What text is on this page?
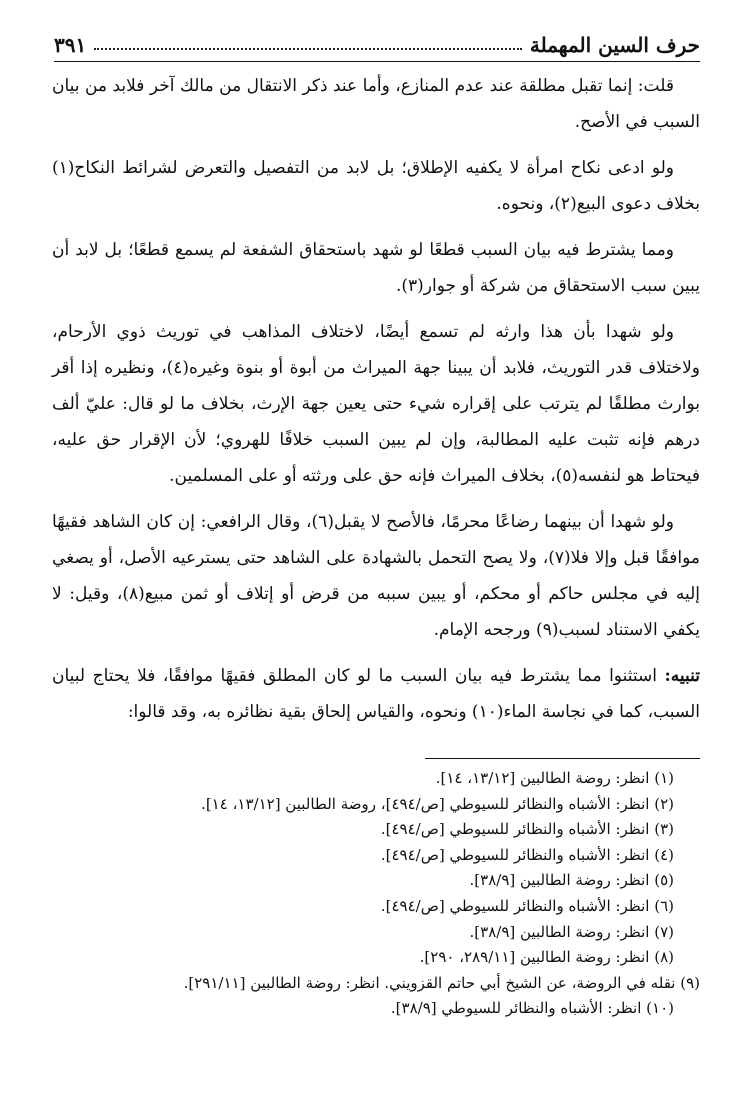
حرف السين المهملة
٣٩١

قلت: إنما تقبل مطلقة عند عدم المنازع، وأما عند ذكر الانتقال من مالك آخر فلابد من بيان السبب في الأصح.

ولو ادعى نكاح امرأة لا يكفيه الإطلاق؛ بل لابد من التفصيل والتعرض لشرائط النكاح(١) بخلاف دعوى البيع(٢)، ونحوه.

ومما يشترط فيه بيان السبب قطعًا لو شهد باستحقاق الشفعة لم يسمع قطعًا؛ بل لابد أن يبين سبب الاستحقاق من شركة أو جوار(٣).

ولو شهدا بأن هذا وارثه لم تسمع أيضًا، لاختلاف المذاهب في توريث ذوي الأرحام، ولاختلاف قدر التوريث، فلابد أن يبينا جهة الميراث من أبوة أو بنوة وغيره(٤)، ونظيره إذا أقر بوارث مطلقًا لم يترتب على إقراره شيء حتى يعين جهة الإرث، بخلاف ما لو قال: عليّ ألف درهم فإنه تثبت عليه المطالبة، وإن لم يبين السبب خلافًا للهروي؛ لأن الإقرار حق عليه، فيحتاط هو لنفسه(٥)، بخلاف الميراث فإنه حق على ورثته أو على المسلمين.

ولو شهدا أن بينهما رضاعًا محرمًا، فالأصح لا يقبل(٦)، وقال الرافعي: إن كان الشاهد فقيهًا موافقًا قبل وإلا فلا(٧)، ولا يصح التحمل بالشهادة على الشاهد حتى يسترعيه الأصل، أو يصغي إليه في مجلس حاكم أو محكم، أو يبين سببه من قرض أو إتلاف أو ثمن مبيع(٨)، وقيل: لا يكفي الاستناد لسبب(٩) ورجحه الإمام.

تنبيه: استثنوا مما يشترط فيه بيان السبب ما لو كان المطلق فقيهًا موافقًا، فلا يحتاج لبيان السبب، كما في نجاسة الماء(١٠) ونحوه، والقياس إلحاق بقية نظائره به، وقد قالوا:

(١) انظر: روضة الطالبين [١٣/١٢، ١٤].
(٢) انظر: الأشباه والنظائر للسيوطي [ص/٤٩٤]، روضة الطالبين [١٣/١٢، ١٤].
(٣) انظر: الأشباه والنظائر للسيوطي [ص/٤٩٤].
(٤) انظر: الأشباه والنظائر للسيوطي [ص/٤٩٤].
(٥) انظر: روضة الطالبين [٣٨/٩].
(٦) انظر: الأشباه والنظائر للسيوطي [ص/٤٩٤].
(٧) انظر: روضة الطالبين [٣٨/٩].
(٨) انظر: روضة الطالبين [٢٨٩/١١، ٢٩٠].
(٩) نقله في الروضة، عن الشيخ أبي حاتم القزويني. انظر: روضة الطالبين [٢٩١/١١].
(١٠) انظر: الأشباه والنظائر للسيوطي [٣٨/٩].
